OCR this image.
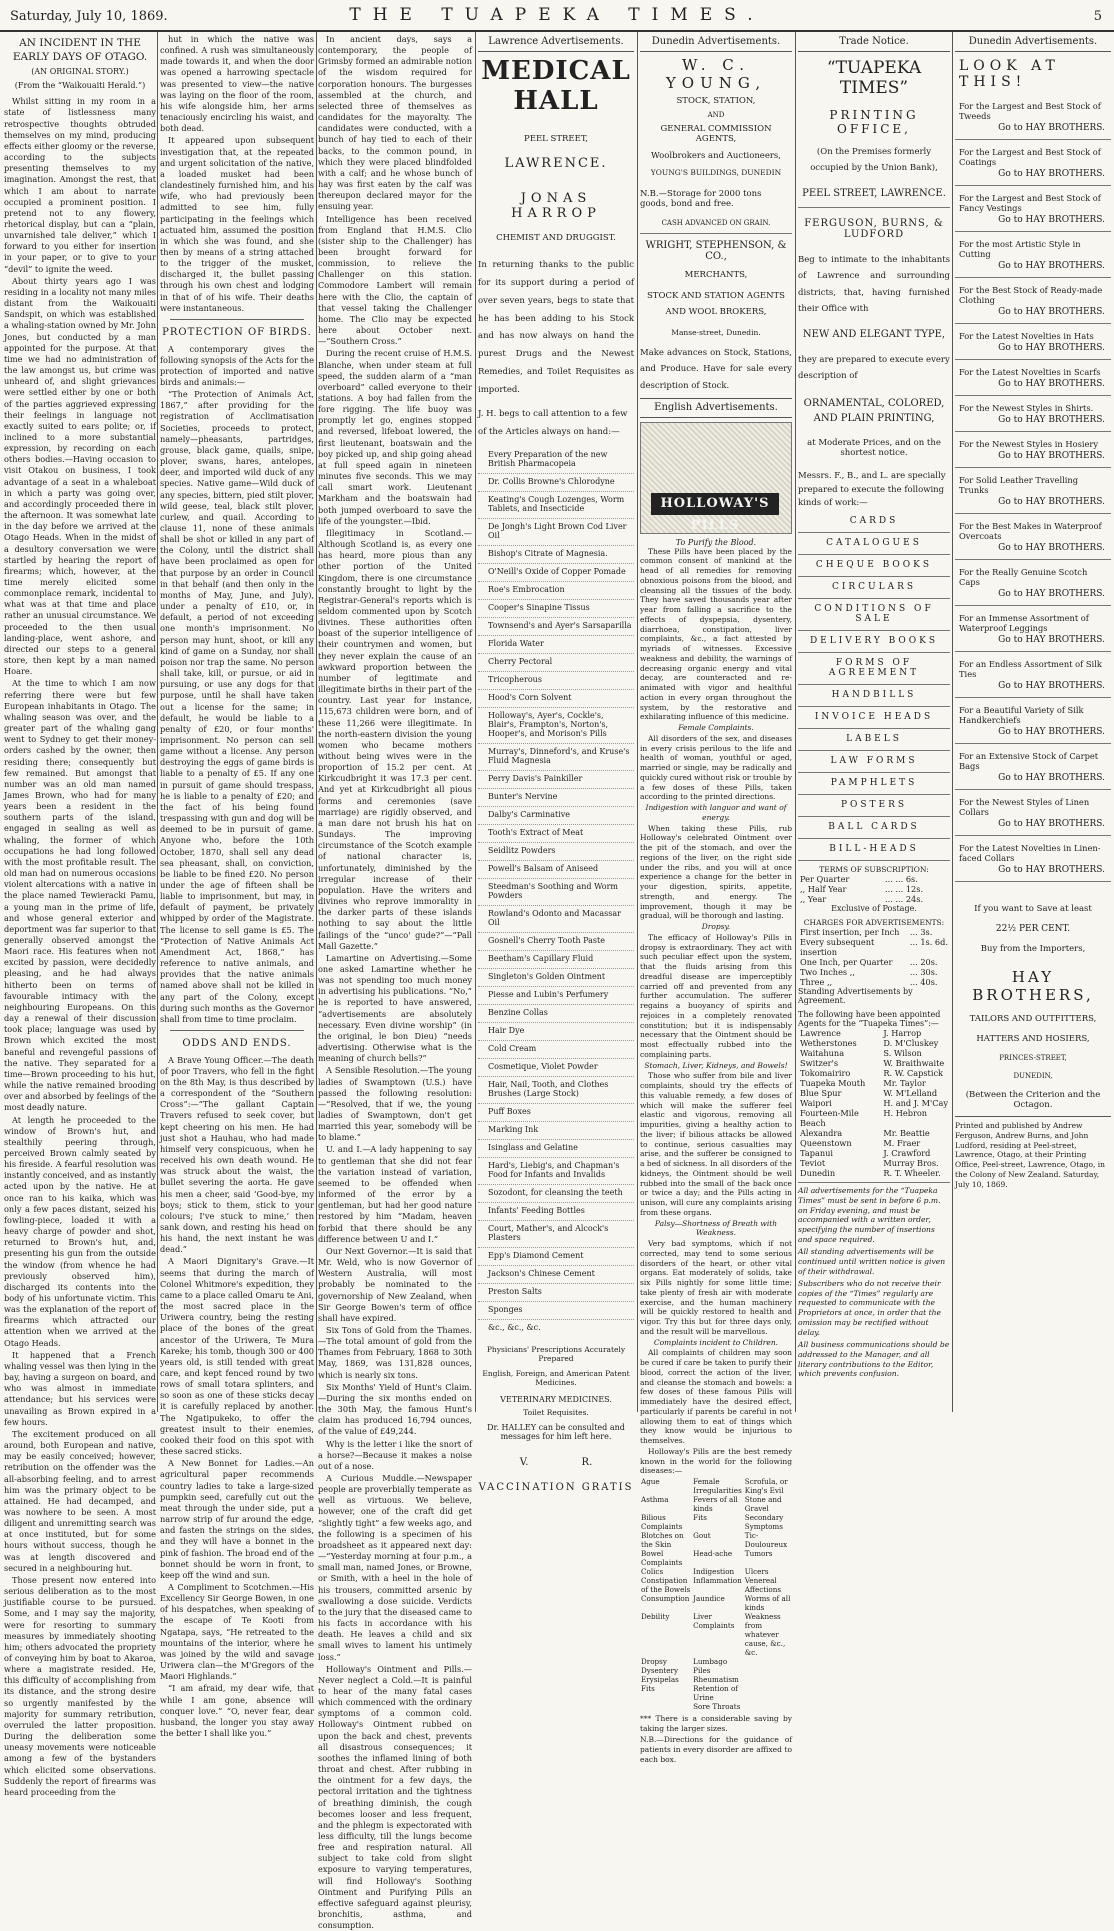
Saturday, July 10, 1869.	THE TUAPEKA TIMES.	5
AN INCIDENT IN THE EARLY DAYS OF OTAGO.
(AN ORIGINAL STORY.)
(From the “Waikouaiti Herald.”)

Whilst sitting in my room in a state of listlessness many retrospective thoughts obtruded themselves on my mind, producing effects either gloomy or the reverse, according to the subjects presenting themselves to my imagination. Amongst the rest, that which I am about to narrate occupied a prominent position. I pretend not to any flowery, rhetorical display, but can a “plain, unvarnished tale deliver,” which I forward to you either for insertion in your paper, or to give to your “devil” to ignite the weed.

About thirty years ago I was residing in a locality not many miles distant from the Waikouaiti Sandspit, on which was established a whaling-station owned by Mr. John Jones, but conducted by a man appointed for the purpose. At that time we had no administration of the law amongst us, but crime was unheard of, and slight grievances were settled either by one or both of the parties aggrieved expressing their feelings in language not exactly suited to ears polite; or, if inclined to a more substantial expression, by recording on each others bodies.—Having occasion to visit Otakou on business, I took advantage of a seat in a whaleboat in which a party was going over, and accordingly proceeded there in the afternoon. It was somewhat late in the day before we arrived at the Otago Heads. When in the midst of a desultory conversation we were startled by hearing the report of firearms; which, however, at the time merely elicited some commonplace remark, incidental to what was at that time and place rather an unusual circumstance. We proceeded to the then usual landing-place, went ashore, and directed our steps to a general store, then kept by a man named Hoare.

At the time to which I am now referring there were but few European inhabitants in Otago. The whaling season was over, and the greater part of the whaling gang went to Sydney to get their money-orders cashed by the owner, then residing there; consequently but few remained. But amongst that number was an old man named James Brown, who had for many years been a resident in the southern parts of the island, engaged in sealing as well as whaling, the former of which occupations he had long followed with the most profitable result. The old man had on numerous occasions violent altercations with a native in the place named Tewieracki Pamu, a young man in the prime of life, and whose general exterior and deportment was far superior to that generally observed amongst the Maori race. His features when not excited by passion, were decidedly pleasing, and he had always hitherto been on terms of favourable intimacy with the neighbouring Europeans. On this day a renewal of their discussion took place; language was used by Brown which excited the most baneful and revengeful passions of the native. They separated for a time—Brown proceeding to his hut, while the native remained brooding over and absorbed by feelings of the most deadly nature.

At length he proceeded to the window of Brown's hut, and stealthily peering through, perceived Brown calmly seated by his fireside. A fearful resolution was instantly conceived, and as instantly acted upon by the native. He at once ran to his kaika, which was only a few paces distant, seized his fowling-piece, loaded it with a heavy charge of powder and shot, returned to Brown's hut, and, presenting his gun from the outside the window (from whence he had previously observed him), discharged its contents into the body of his unfortunate victim. This was the explanation of the report of firearms which attracted our attention when we arrived at the Otago Heads.

It happened that a French whaling vessel was then lying in the bay, having a surgeon on board, and who was almost in immediate attendance; but his services were unavailing as Brown expired in a few hours.

The excitement produced on all around, both European and native, may be easily conceived; however, retribution on the offender was the all-absorbing feeling, and to arrest him was the primary object to be attained. He had decamped, and was nowhere to be seen. A most diligent and unremitting search was at once instituted, but for some hours without success, though he was at length discovered and secured in a neighbouring hut.

Those present now entered into serious deliberation as to the most justifiable course to be pursued. Some, and I may say the majority, were for resorting to summary measures by immediately shooting him; others advocated the propriety of conveying him by boat to Akaroa, where a magistrate resided. He, this difficulty of accomplishing from its distance, and the strong desire so urgently manifested by the majority for summary retribution, overruled the latter proposition. During the deliberation some uneasy movements were noticeable among a few of the bystanders which elicited some observations. Suddenly the report of firearms was heard proceeding from the

hut in which the native was confined. A rush was simultaneously made towards it, and when the door was opened a harrowing spectacle was presented to view—the native was laying on the floor of the room, his wife alongside him, her arms tenaciously encircling his waist, and both dead.

It appeared upon subsequent investigation that, at the repeated and urgent solicitation of the native, a loaded musket had been clandestinely furnished him, and his wife, who had previously been admitted to see him, fully participating in the feelings which actuated him, assumed the position in which she was found, and she then by means of a string attached to the trigger of the musket, discharged it, the bullet passing through his own chest and lodging in that of of his wife. Their deaths were instantaneous.

PROTECTION OF BIRDS.

A contemporary gives the following synopsis of the Acts for the protection of imported and native birds and animals:—

“The Protection of Animals Act, 1867,” after providing for the registration of Acclimatisation Societies, proceeds to protect, namely—pheasants, partridges, grouse, black game, quails, snipe, plover, swans, hares, antelopes, deer, and imported wild duck of any species. Native game—Wild duck of any species, bittern, pied stilt plover, wild geese, teal, black stilt plover, curlew, and quail. According to clause 11, none of these animals shall be shot or killed in any part of the Colony, until the district shall have been proclaimed as open for that purpose by an order in Council in that behalf (and then only in the months of May, June, and July), under a penalty of £10, or, in default, a period of not exceeding one month's imprisonment. No person may hunt, shoot, or kill any kind of game on a Sunday, nor shall poison nor trap the same. No person shall take, kill, or pursue, or aid in pursuing, or use any dogs for that purpose, until he shall have taken out a license for the same; in default, he would be liable to a penalty of £20, or four months' imprisonment. No person can sell game without a license. Any person destroying the eggs of game birds is liable to a penalty of £5. If any one in pursuit of game should trespass, he is liable to a penalty of £20; and the fact of his being found trespassing with gun and dog will be deemed to be in pursuit of game. Anyone who, before the 10th October, 1870, shall sell any dead sea pheasant, shall, on conviction, be liable to be fined £20. No person under the age of fifteen shall be liable to imprisonment, but may, in default of payment, be privately whipped by order of the Magistrate. The license to sell game is £5. The “Protection of Native Animals Act Amendment Act, 1868,” has reference to native animals, and provides that the native animals named above shall not be killed in any part of the Colony, except during such months as the Governor shall from time to time proclaim.

ODDS AND ENDS.

A Brave Young Officer.—The death of poor Travers, who fell in the fight on the 8th May, is thus described by a correspondent of the “Southern Cross”:—“The gallant Captain Travers refused to seek cover, but kept cheering on his men. He had just shot a Hauhau, who had made himself very conspicuous, when he received his own death wound. He was struck about the waist, the bullet severing the aorta. He gave his men a cheer, said ‘Good-bye, my boys; stick to them, stick to your colours; I've stuck to mine,’ then sank down, and resting his head on his hand, the next instant he was dead.”

A Maori Dignitary's Grave.—It seems that during the march of Colonel Whitmore's expedition, they came to a place called Omaru te Ani, the most sacred place in the Uriwera country, being the resting place of the bones of the great ancestor of the Uriwera, Te Mura Kareke; his tomb, though 300 or 400 years old, is still tended with great care, and kept fenced round by two rows of small totara splinters, and so soon as one of these sticks decay it is carefully replaced by another. The Ngatipukeko, to offer the greatest insult to their enemies, cooked their food on this spot with these sacred sticks.

A New Bonnet for Ladies.—An agricultural paper recommends country ladies to take a large-sized pumpkin seed, carefully cut out the meat through the under side, put a narrow strip of fur around the edge, and fasten the strings on the sides, and they will have a bonnet in the pink of fashion. The broad end of the bonnet should be worn in front, to keep off the wind and sun.

A Compliment to Scotchmen.—His Excellency Sir George Bowen, in one of his despatches, when speaking of the escape of Te Kooti from Ngatapa, says, “He retreated to the mountains of the interior, where he was joined by the wild and savage Uriwera clan—the M'Gregors of the Maori Highlands.”

“I am afraid, my dear wife, that while I am gone, absence will conquer love.” “O, never fear, dear husband, the longer you stay away the better I shall like you.”

In ancient days, says a contemporary, the people of Grimsby formed an admirable notion of the wisdom required for corporation honours. The burgesses assembled at the church, and selected three of themselves as candidates for the mayoralty. The candidates were conducted, with a bunch of hay tied to each of their backs, to the common pound, in which they were placed blindfolded with a calf; and he whose bunch of hay was first eaten by the calf was thereupon declared mayor for the ensuing year.

Intelligence has been received from England that H.M.S. Clio (sister ship to the Challenger) has been brought forward for commission, to relieve the Challenger on this station. Commodore Lambert will remain here with the Clio, the captain of that vessel taking the Challenger home. The Clio may be expected here about October next.—“Southern Cross.”

During the recent cruise of H.M.S. Blanche, when under steam at full speed, the sudden alarm of a “man overboard” called everyone to their stations. A boy had fallen from the fore rigging. The life buoy was promptly let go, engines stopped and reversed, lifeboat lowered, the first lieutenant, boatswain and the boy picked up, and ship going ahead at full speed again in nineteen minutes five seconds. This we may call smart work. Lieutenant Markham and the boatswain had both jumped overboard to save the life of the youngster.—Ibid.

Illegitimacy in Scotland.—Although Scotland is, as every one has heard, more pious than any other portion of the United Kingdom, there is one circumstance constantly brought to light by the Registrar-General's reports which is seldom commented upon by Scotch divines. These authorities often boast of the superior intelligence of their countrymen and women, but they never explain the cause of an awkward proportion between the number of legitimate and illegitimate births in their part of the country. Last year for instance, 115,673 children were born, and of these 11,266 were illegitimate. In the north-eastern division the young women who became mothers without being wives were in the proportion of 15.2 per cent. At Kirkcudbright it was 17.3 per cent. And yet at Kirkcudbright all pious forms and ceremonies (save marriage) are rigidly observed, and a man dare not brush his hat on Sundays. The improving circumstance of the Scotch example of national character is, unfortunately, diminished by the irregular increase of their population. Have the writers and divines who reprove immorality in the darker parts of these islands nothing to say about the little failings of the “unco' gude?”—“Pall Mall Gazette.”

Lamartine on Advertising.—Some one asked Lamartine whether he was not spending too much money in advertising his publications. “No,” he is reported to have answered, “advertisements are absolutely necessary. Even divine worship” (in the original, le bon Dieu) “needs advertising. Otherwise what is the meaning of church bells?”

A Sensible Resolution.—The young ladies of Swamptown (U.S.) have passed the following resolution:—“Resolved, that if we, the young ladies of Swamptown, don't get married this year, somebody will be to blame.”

U. and I.—A lady happening to say to gentleman that she did not fear the variation instead of variation, seemed to be offended when informed of the error by a gentleman, but had her good nature restored by him “Madam, heaven forbid that there should be any difference between U and I.”

Our Next Governor.—It is said that Mr. Weld, who is now Governor of Western Australia, will most probably be nominated to the governorship of New Zealand, when Sir George Bowen's term of office shall have expired.

Six Tons of Gold from the Thames.—The total amount of gold from the Thames from February, 1868 to 30th May, 1869, was 131,828 ounces, which is nearly six tons.

Six Months' Yield of Hunt's Claim.—During the six months ended on the 30th May, the famous Hunt's claim has produced 16,794 ounces, of the value of £49,244.

Why is the letter i like the snort of a horse?—Because it makes a noise out of a nose.

A Curious Muddle.—Newspaper people are proverbially temperate as well as virtuous. We believe, however, one of the craft did get “slightly tight” a few weeks ago, and the following is a specimen of his broadsheet as it appeared next day:—“Yesterday morning at four p.m., a small man, named Jones, or Browne, or Smith, with a heel in the hole of his trousers, committed arsenic by swallowing a dose suicide. Verdicts to the jury that the diseased came to his facts in accordance with his death. He leaves a child and six small wives to lament his untimely loss.”

Holloway's Ointment and Pills.—Never neglect a Cold.—It is painful to hear of the many fatal cases which commenced with the ordinary symptoms of a common cold. Holloway's Ointment rubbed on upon the back and chest, prevents all disastrous consequences; it soothes the inflamed lining of both throat and chest. After rubbing in the ointment for a few days, the pectoral irritation and the tightness of breathing diminish, the cough becomes looser and less frequent, and the phlegm is expectorated with less difficulty, till the lungs become free and respiration natural. All subject to take cold from slight exposure to varying temperatures, will find Holloway's Soothing Ointment and Purifying Pills an effective safeguard against pleurisy, bronchitis, asthma, and consumption.

Lawrence Advertisements.
MEDICAL HALL
PEEL STREET,
LAWRENCE.
JONAS HARROP
CHEMIST AND DRUGGIST.
In returning thanks to the public for its support during a period of over seven years, begs to state that he has been adding to his Stock and has now always on hand the purest Drugs and the Newest Remedies, and Toilet Requisites as imported.
J. H. begs to call attention to a few of the Articles always on hand:—
Every Preparation of the new British Pharmacopeia
Dr. Collis Browne's Chlorodyne
Keating's Cough Lozenges, Worm Tablets, and Insecticide
De Jongh's Light Brown Cod Liver Oil
Bishop's Citrate of Magnesia.
O'Neill's Oxide of Copper Pomade
Roe's Embrocation
Cooper's Sinapine Tissus
Townsend's and Ayer's Sarsaparilla
Florida Water
Cherry Pectoral
Tricopherous
Hood's Corn Solvent
Holloway's, Ayer's, Cockle's, Blair's, Frampton's, Norton's, Hooper's, and Morison's Pills
Murray's, Dinneford's, and Kruse's Fluid Magnesia
Perry Davis's Painkiller
Bunter's Nervine
Dalby's Carminative
Tooth's Extract of Meat
Seidlitz Powders
Powell's Balsam of Aniseed
Steedman's Soothing and Worm Powders
Rowland's Odonto and Macassar Oil
Gosnell's Cherry Tooth Paste
Beetham's Capillary Fluid
Singleton's Golden Ointment
Piesse and Lubin's Perfumery
Benzine Collas
Hair Dye
Cold Cream
Cosmetique, Violet Powder
Hair, Nail, Tooth, and Clothes Brushes (Large Stock)
Puff Boxes
Marking Ink
Isinglass and Gelatine
Hard's, Liebig's, and Chapman's Food for Infants and Invalids
Sozodont, for cleansing the teeth
Infants' Feeding Bottles
Court, Mather's, and Alcock's Plasters
Epp's Diamond Cement
Jackson's Chinese Cement
Preston Salts
Sponges
&c., &c., &c.
Physicians' Prescriptions Accurately Prepared
English, Foreign, and American Patent Medicines.
VETERINARY MEDICINES.
Toilet Requisites.
Dr. HALLEY can be consulted and messages for him left here.
V. R.
VACCINATION GRATIS
Dunedin Advertisements.
W. C. YOUNG,
STOCK, STATION,
AND
GENERAL COMMISSION AGENTS,
Woolbrokers and Auctioneers,
YOUNG'S BUILDINGS, DUNEDIN
N.B.—Storage for 2000 tons goods, bond and free.
CASH ADVANCED ON GRAIN.
WRIGHT, STEPHENSON, & CO.,
MERCHANTS,
STOCK AND STATION AGENTS AND WOOL BROKERS,
Manse-street, Dunedin.
Make advances on Stock, Stations, and Produce. Have for sale every description of Stock.
English Advertisements.
HOLLOWAY'S PILLS
To Purify the Blood.

These Pills have been placed by the common consent of mankind at the head of all remedies for removing obnoxious poisons from the blood, and cleansing all the tissues of the body. They have saved thousands year after year from falling a sacrifice to the effects of dyspepsia, dysentery, diarrhoea, constipation, liver complaints, &c., a fact attested by myriads of witnesses. Excessive weakness and debility, the warnings of decreasing organic energy and vital decay, are counteracted and re-animated with vigor and healthful action in every organ throughout the system, by the restorative and exhilarating influence of this medicine.

Female Complaints.

All disorders of the sex, and diseases in every crisis perilous to the life and health of woman, youthful or aged, married or single, may be radically and quickly cured without risk or trouble by a few doses of these Pills, taken according to the printed directions.

Indigestion with languor and want of energy.

When taking these Pills, rub Holloway's celebrated Ointment over the pit of the stomach, and over the regions of the liver, on the right side under the ribs, and you will at once experience a change for the better in your digestion, spirits, appetite, strength, and energy. The improvement, though it may be gradual, will be thorough and lasting.

Dropsy.

The efficacy of Holloway's Pills in dropsy is extraordinary. They act with such peculiar effect upon the system, that the fluids arising from this dreadful disease are imperceptibly carried off and prevented from any further accumulation. The sufferer regains a buoyancy of spirits and rejoices in a completely renovated constitution; but it is indispensably necessary that the Ointment should be most effectually rubbed into the complaining parts.

Stomach, Liver, Kidneys, and Bowels!

Those who suffer from bile and liver complaints, should try the effects of this valuable remedy, a few doses of which will make the sufferer feel elastic and vigorous, removing all impurities, giving a healthy action to the liver; if bilious attacks be allowed to continue, serious casualties may arise, and the sufferer be consigned to a bed of sickness. In all disorders of the kidneys, the Ointment should be well rubbed into the small of the back once or twice a day; and the Pills acting in unison, will cure any complaints arising from these organs.

Palsy—Shortness of Breath with Weakness.

Very bad symptoms, which if not corrected, may tend to some serious disorders of the heart, or other vital organs. Eat moderately of solids, take six Pills nightly for some little time; take plenty of fresh air with moderate exercise, and the human machinery will be quickly restored to health and vigor. Try this but for three days only, and the result will be marvellous.

Complaints incident to Children.

All complaints of children may soon be cured if care be taken to purify their blood, correct the action of the liver, and cleanse the stomach and bowels: a few doses of these famous Pills will immediately have the desired effect, particularly if parents be careful in not allowing them to eat of things which they know would be injurious to themselves.

Holloway's Pills are the best remedy known in the world for the following diseases:—

Ague	Female Irregularities	Scrofula, or King's Evil
Asthma	Fevers of all kinds	Stone and Gravel
Bilious Complaints	Fits	Secondary Symptoms
Blotches on the Skin	Gout	Tic-Douloureux
Bowel Complaints	Head-ache	Tumors
Colics	Indigestion	Ulcers
Constipation of the Bowels	Inflammation	Venereal Affections
Consumption	Jaundice	Worms of all kinds
Debility	Liver Complaints	Weakness from whatever cause, &c., &c.
Dropsy	Lumbago	
Dysentery	Piles	
Erysipelas	Rheumatism	
Fits	Retention of Urine	
	Sore Throats	
*** There is a considerable saving by taking the larger sizes.
N.B.—Directions for the guidance of patients in every disorder are affixed to each box.
Trade Notice.
“TUAPEKA TIMES”
PRINTING OFFICE,
(On the Premises formerly occupied by the Union Bank),
PEEL STREET, LAWRENCE.
FERGUSON, BURNS, & LUDFORD
Beg to intimate to the inhabitants of Lawrence and surrounding districts, that, having furnished their Office with
NEW AND ELEGANT TYPE,
they are prepared to execute every description of
ORNAMENTAL, COLORED, AND PLAIN PRINTING,
at Moderate Prices, and on the shortest notice.
Messrs. F., B., and L. are specially prepared to execute the following kinds of work:—
CARDS
CATALOGUES
CHEQUE BOOKS
CIRCULARS
CONDITIONS OF SALE
DELIVERY BOOKS
FORMS OF AGREEMENT
HANDBILLS
INVOICE HEADS
LABELS
LAW FORMS
PAMPHLETS
POSTERS
BALL CARDS
BILL-HEADS
TERMS OF SUBSCRIPTION:
Per Quarter	... ... 6s.
,, Half Year	... ... 12s.
,, Year	... ... 24s.
Exclusive of Postage.
CHARGES FOR ADVERTISEMENTS:
First insertion, per Inch	... 3s.
Every subsequent insertion	... 1s. 6d.
One Inch, per Quarter	... 20s.
Two Inches ,,	... 30s.
Three ,,	... 40s.
Standing Advertisements by Agreement.
The following have been appointed Agents for the “Tuapeka Times”:—
Lawrence	J. Harrop
Wetherstones	D. M'Cluskey
Waitahuna	S. Wilson
Switzer's	W. Braithwaite
Tokomairiro	R. W. Capstick
Tuapeka Mouth	Mr. Taylor
Blue Spur	W. M'Lelland
Waipori	H. and J. M'Cay
Fourteen-Mile Beach	H. Hebron
Alexandra	Mr. Beattie
Queenstown	M. Fraer
Tapanui	J. Crawford
Teviot	Murray Bros.
Dunedin	R. T. Wheeler.

All advertisements for the “Tuapeka Times” must be sent in before 6 p.m. on Friday evening, and must be accompanied with a written order, specifying the number of insertions and space required.

All standing advertisements will be continued until written notice is given of their withdrawal.

Subscribers who do not receive their copies of the “Times” regularly are requested to communicate with the Proprietors at once, in order that the omission may be rectified without delay.

All business communications should be addressed to the Manager, and all literary contributions to the Editor, which prevents confusion.

Dunedin Advertisements.
LOOK AT THIS!
For the Largest and Best Stock of Tweeds
Go to HAY BROTHERS.
For the Largest and Best Stock of Coatings
Go to HAY BROTHERS.
For the Largest and Best Stock of Fancy Vestings
Go to HAY BROTHERS.
For the most Artistic Style in Cutting
Go to HAY BROTHERS.
For the Best Stock of Ready-made Clothing
Go to HAY BROTHERS.
For the Latest Novelties in Hats
Go to HAY BROTHERS.
For the Latest Novelties in Scarfs
Go to HAY BROTHERS.
For the Newest Styles in Shirts.
Go to HAY BROTHERS.
For the Newest Styles in Hosiery
Go to HAY BROTHERS.
For Solid Leather Travelling Trunks
Go to HAY BROTHERS.
For the Best Makes in Waterproof Overcoats
Go to HAY BROTHERS.
For the Really Genuine Scotch Caps
Go to HAY BROTHERS.
For an Immense Assortment of Waterproof Leggings
Go to HAY BROTHERS.
For an Endless Assortment of Silk Ties
Go to HAY BROTHERS.
For a Beautiful Variety of Silk Handkerchiefs
Go to HAY BROTHERS.
For an Extensive Stock of Carpet Bags
Go to HAY BROTHERS.
For the Newest Styles of Linen Collars
Go to HAY BROTHERS.
For the Latest Novelties in Linen-faced Collars
Go to HAY BROTHERS.
If you want to Save at least
22½ PER CENT.
Buy from the Importers,
HAY BROTHERS,
TAILORS AND OUTFITTERS,
HATTERS AND HOSIERS,
PRINCES-STREET,
DUNEDIN,
(Between the Criterion and the Octagon.
Printed and published by Andrew Ferguson, Andrew Burns, and John Ludford, residing at Peel-street, Lawrence, Otago, at their Printing Office, Peel-street, Lawrence, Otago, in the Colony of New Zealand. Saturday, July 10, 1869.
